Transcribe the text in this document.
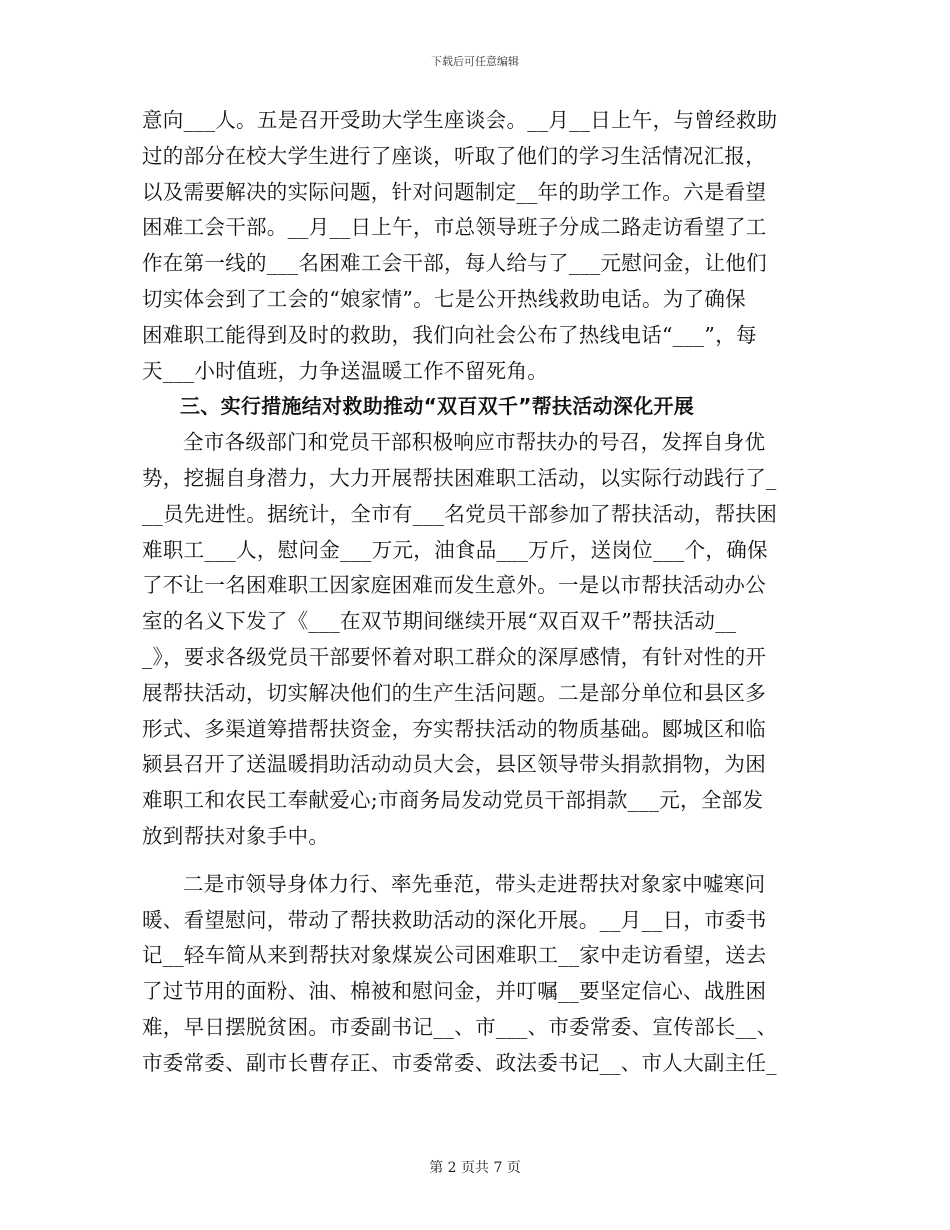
下载后可任意编辑
意向___人。五是召开受助大学生座谈会。__月__日上午，与曾经救助
过的部分在校大学生进行了座谈，听取了他们的学习生活情况汇报，
以及需要解决的实际问题，针对问题制定__年的助学工作。六是看望
困难工会干部。__月__日上午，市总领导班子分成二路走访看望了工
作在第一线的___名困难工会干部，每人给与了___元慰问金，让他们
切实体会到了工会的“娘家情”。七是公开热线救助电话。为了确保
困难职工能得到及时的救助，我们向社会公布了热线电话“___”，每
天___小时值班，力争送温暖工作不留死角。
三、实行措施结对救助推动“双百双千”帮扶活动深化开展
全市各级部门和党员干部积极响应市帮扶办的号召，发挥自身优
势，挖掘自身潜力，大力开展帮扶困难职工活动，以实际行动践行了_
__员先进性。据统计，全市有___名党员干部参加了帮扶活动，帮扶困
难职工___人，慰问金___万元，油食品___万斤，送岗位___个，确保
了不让一名困难职工因家庭困难而发生意外。一是以市帮扶活动办公
室的名义下发了《___在双节期间继续开展“双百双千”帮扶活动__
_》，要求各级党员干部要怀着对职工群众的深厚感情，有针对性的开
展帮扶活动，切实解决他们的生产生活问题。二是部分单位和县区多
形式、多渠道筹措帮扶资金，夯实帮扶活动的物质基础。郾城区和临
颍县召开了送温暖捐助活动动员大会，县区领导带头捐款捐物，为困
难职工和农民工奉献爱心;市商务局发动党员干部捐款___元，全部发
放到帮扶对象手中。
二是市领导身体力行、率先垂范，带头走进帮扶对象家中嘘寒问
暖、看望慰问，带动了帮扶救助活动的深化开展。__月__日，市委书
记__轻车简从来到帮扶对象煤炭公司困难职工__家中走访看望，送去
了过节用的面粉、油、棉被和慰问金，并叮嘱__要坚定信心、战胜困
难，早日摆脱贫困。市委副书记__、市___、市委常委、宣传部长__、
市委常委、副市长曹存正、市委常委、政法委书记__、市人大副主任_
第 2 页共 7 页
